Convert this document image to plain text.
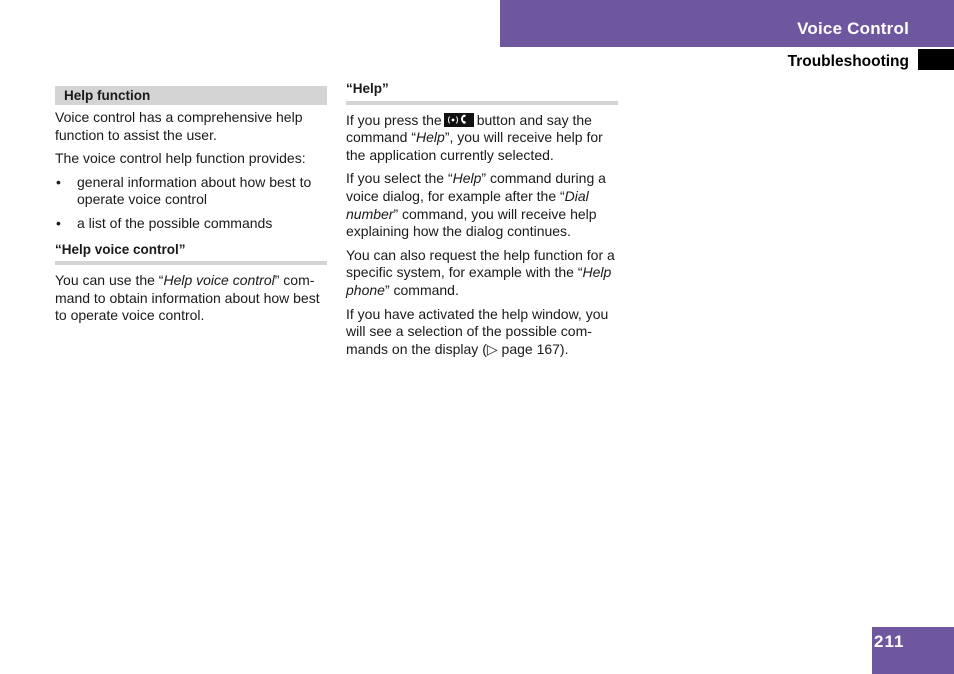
Voice Control
Troubleshooting
Help function

Voice control has a comprehensive help function to assist the user.

The voice control help function provides:

• general information about how best to operate voice control
• a list of the possible commands
“Help voice control”

You can use the “Help voice control” com-mand to obtain information about how best to operate voice control.

“Help”

If you press the	button and say the command “Help”, you will receive help for the application currently selected.

If you select the “Help” command during a voice dialog, for example after the “Dial number” command, you will receive help explaining how the dialog continues.

You can also request the help function for a specific system, for example with the “Help phone” command.

If you have activated the help window, you will see a selection of the possible com-mands on the display (▷ page 167).

211
